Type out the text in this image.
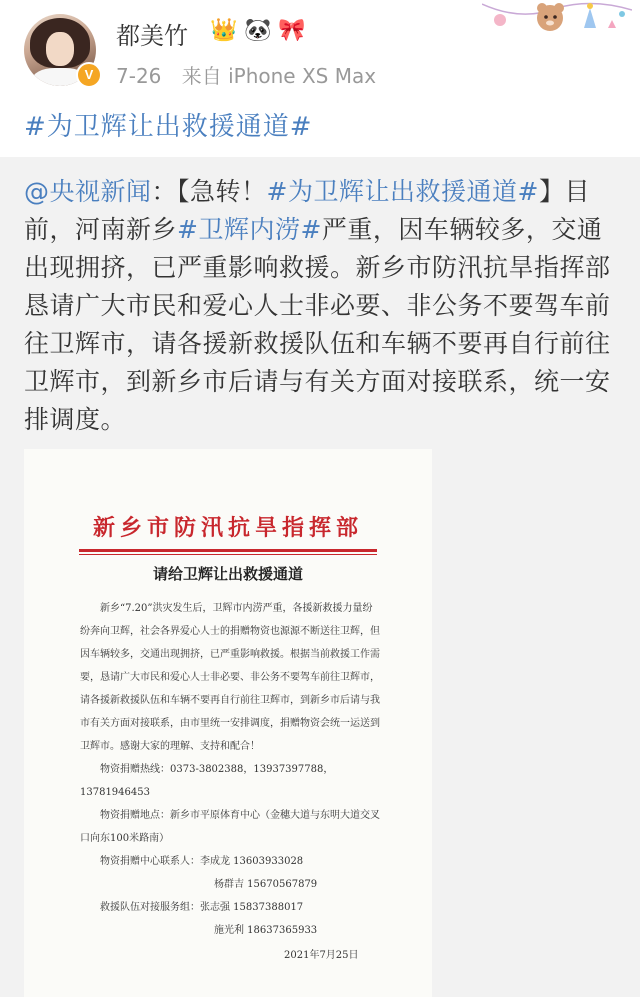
V
都美竹 👑 🐼 🎀
7-26 来自 iPhone XS Max
#为卫辉让出救援通道#
@央视新闻：【急转！#为卫辉让出救援通道#】目前，河南新乡#卫辉内涝#严重，因车辆较多，交通出现拥挤，已严重影响救援。新乡市防汛抗旱指挥部恳请广大市民和爱心人士非必要、非公务不要驾车前往卫辉市，请各援新救援队伍和车辆不要再自行前往卫辉市，到新乡市后请与有关方面对接联系，统一安排调度。
新乡市防汛抗旱指挥部
请给卫辉让出救援通道

新乡“7.20”洪灾发生后，卫辉市内涝严重，各援新救援力量纷纷奔向卫辉，社会各界爱心人士的捐赠物资也源源不断送往卫辉，但因车辆较多，交通出现拥挤，已严重影响救援。根据当前救援工作需要，恳请广大市民和爱心人士非必要、非公务不要驾车前往卫辉市，请各援新救援队伍和车辆不要再自行前往卫辉市，到新乡市后请与我市有关方面对接联系，由市里统一安排调度，捐赠物资会统一运送到卫辉市。感谢大家的理解、支持和配合！

物资捐赠热线：0373-3802388，13937397788，13781946453

物资捐赠地点：新乡市平原体育中心（金穗大道与东明大道交叉口向东100米路南）

物资捐赠中心联系人：李成龙 13603933028

杨群吉 15670567879

救援队伍对接服务组：张志强 15837388017

施光利 18637365933

2021年7月25日
